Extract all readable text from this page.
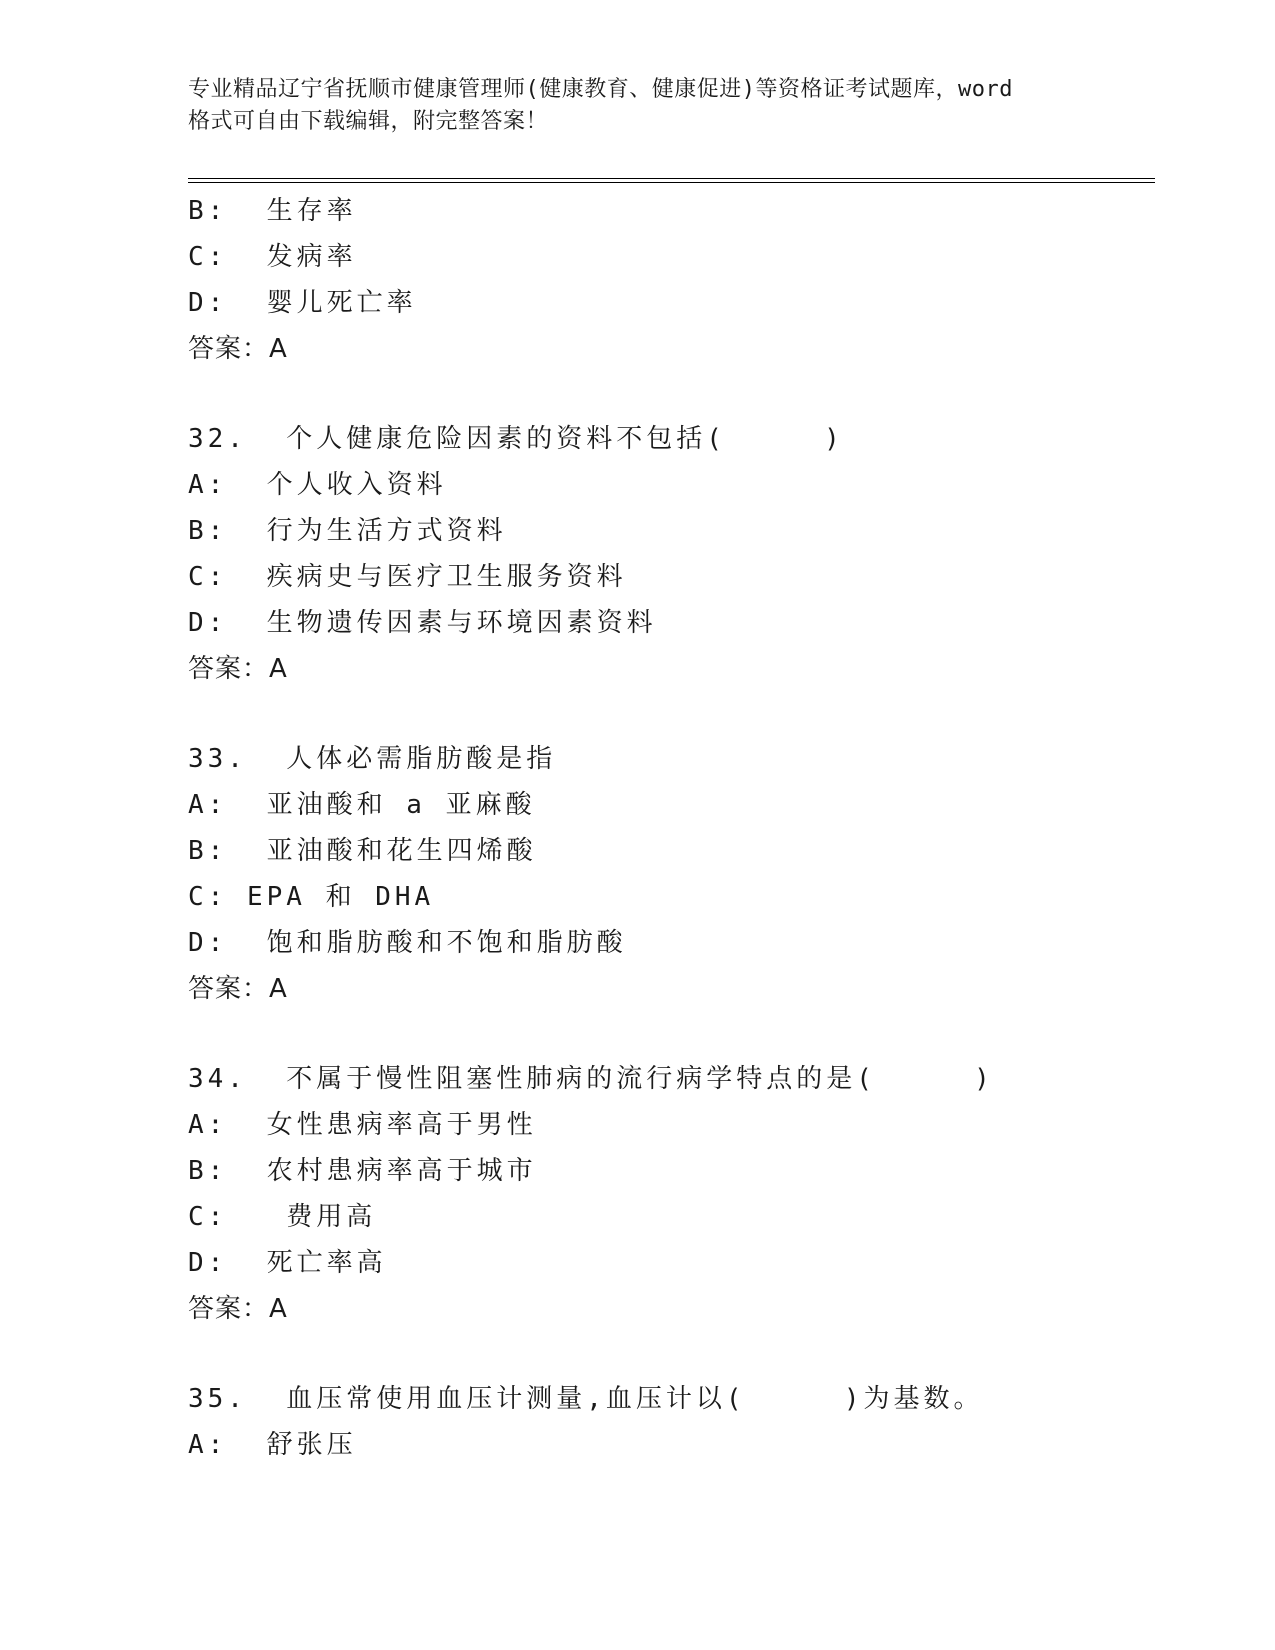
专业精品辽宁省抚顺市健康管理师(健康教育、健康促进)等资格证考试题库，word
格式可自由下载编辑，附完整答案！
B:  生存率
C:  发病率
D:  婴儿死亡率
答案：A
32.  个人健康危险因素的资料不包括(     )
A:  个人收入资料
B:  行为生活方式资料
C:  疾病史与医疗卫生服务资料
D:  生物遗传因素与环境因素资料
答案：A
33.  人体必需脂肪酸是指
A:  亚油酸和 a 亚麻酸
B:  亚油酸和花生四烯酸
C: EPA 和 DHA
D:  饱和脂肪酸和不饱和脂肪酸
答案：A
34.  不属于慢性阻塞性肺病的流行病学特点的是(     )
A:  女性患病率高于男性
B:  农村患病率高于城市
C:   费用高
D:  死亡率高
答案：A
35.  血压常使用血压计测量,血压计以(     )为基数。
A:  舒张压
